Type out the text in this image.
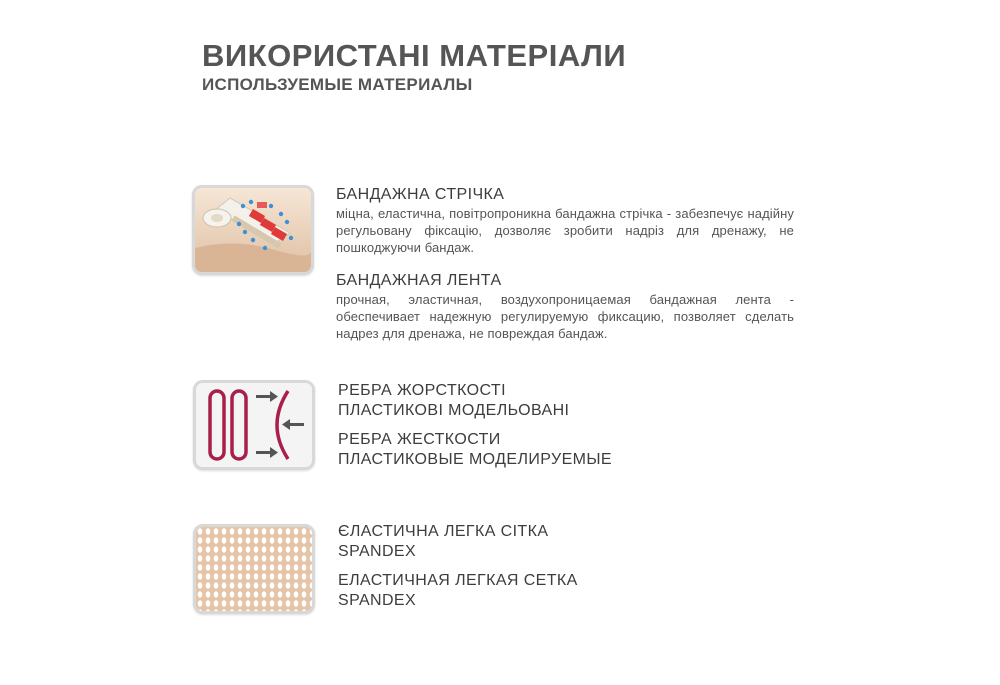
ВИКОРИСТАНІ МАТЕРІАЛИ
ИСПОЛЬЗУЕМЫЕ МАТЕРИАЛЫ

БАНДАЖНА СТРІЧКА

міцна, еластична, повітропроникна бандажна стрічка - забезпечує надійну регульовану фіксацію, дозволяє зробити надріз для дренажу, не пошкоджуючи бандаж.

БАНДАЖНАЯ ЛЕНТА

прочная, эластичная, воздухопроницаемая бандажная лента - обеспечивает надежную регулируемую фиксацию, позволяет сделать надрез для дренажа, не повреждая бандаж.

РЕБРА ЖОРСТКОСТІ

ПЛАСТИКОВІ МОДЕЛЬОВАНІ

РЕБРА ЖЕСТКОСТИ

ПЛАСТИКОВЫЕ МОДЕЛИРУЕМЫЕ

ЄЛАСТИЧНА ЛЕГКА СІТКА

SPANDEX

ЕЛАСТИЧНАЯ ЛЕГКАЯ СЕТКА

SPANDEX
